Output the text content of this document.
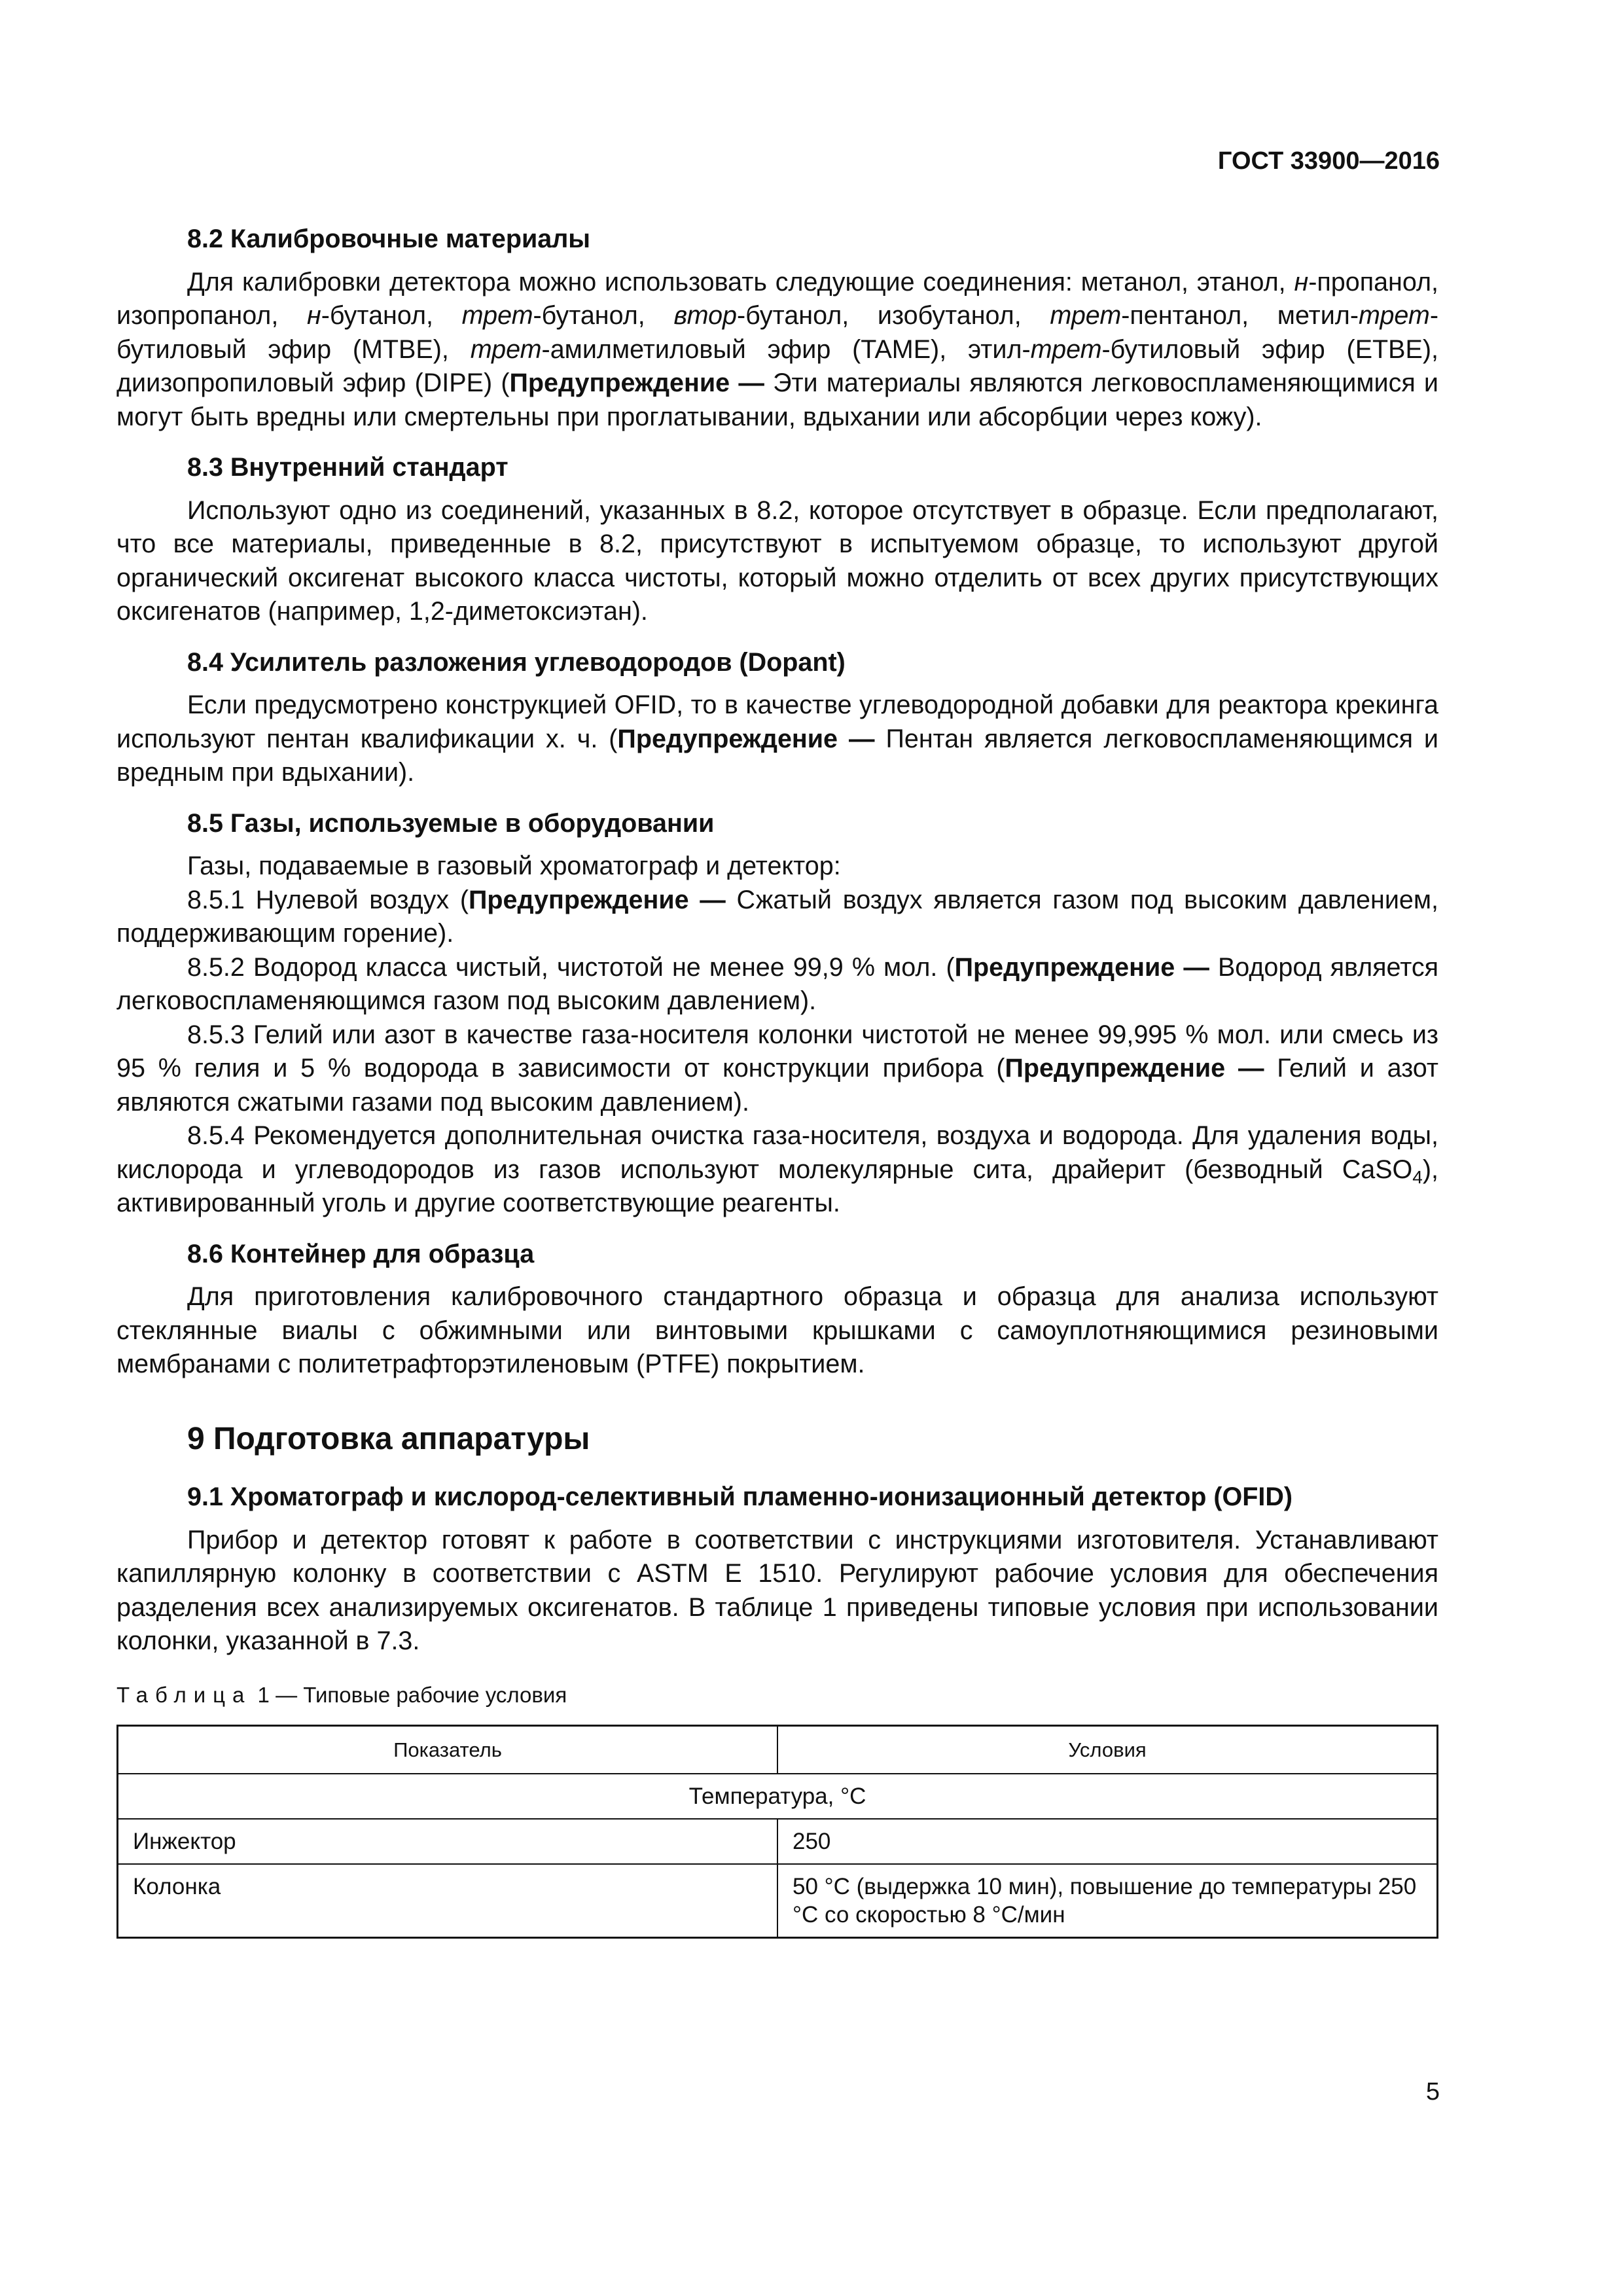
ГОСТ 33900—2016
8.2 Калибровочные материалы

Для калибровки детектора можно использовать следующие соединения: метанол, этанол, н-пропанол, изопропанол, н-бутанол, трет-бутанол, втор-бутанол, изобутанол, трет-пентанол, метил-трет-бутиловый эфир (MTBE), трет-амилметиловый эфир (TAME), этил-трет-бутиловый эфир (ETBE), диизопропиловый эфир (DIPE) (Предупреждение — Эти материалы являются легковоспламеняющимися и могут быть вредны или смертельны при проглатывании, вдыхании или абсорбции через кожу).

8.3 Внутренний стандарт

Используют одно из соединений, указанных в 8.2, которое отсутствует в образце. Если предполагают, что все материалы, приведенные в 8.2, присутствуют в испытуемом образце, то используют другой органический оксигенат высокого класса чистоты, который можно отделить от всех других присутствующих оксигенатов (например, 1,2-диметоксиэтан).

8.4 Усилитель разложения углеводородов (Dopant)

Если предусмотрено конструкцией OFID, то в качестве углеводородной добавки для реактора крекинга используют пентан квалификации х. ч. (Предупреждение — Пентан является легковоспламеняющимся и вредным при вдыхании).

8.5 Газы, используемые в оборудовании

Газы, подаваемые в газовый хроматограф и детектор:

8.5.1 Нулевой воздух (Предупреждение — Сжатый воздух является газом под высоким давлением, поддерживающим горение).

8.5.2 Водород класса чистый, чистотой не менее 99,9 % мол. (Предупреждение — Водород является легковоспламеняющимся газом под высоким давлением).

8.5.3 Гелий или азот в качестве газа-носителя колонки чистотой не менее 99,995 % мол. или смесь из 95 % гелия и 5 % водорода в зависимости от конструкции прибора (Предупреждение — Гелий и азот являются сжатыми газами под высоким давлением).

8.5.4 Рекомендуется дополнительная очистка газа-носителя, воздуха и водорода. Для удаления воды, кислорода и углеводородов из газов используют молекулярные сита, драйерит (безводный CaSO$_4$), активированный уголь и другие соответствующие реагенты.

8.6 Контейнер для образца

Для приготовления калибровочного стандартного образца и образца для анализа используют стеклянные виалы с обжимными или винтовыми крышками с самоуплотняющимися резиновыми мембранами с политетрафторэтиленовым (PTFE) покрытием.

9 Подготовка аппаратуры
9.1 Хроматограф и кислород-селективный пламенно-ионизационный детектор (OFID)

Прибор и детектор готовят к работе в соответствии с инструкциями изготовителя. Устанавливают капиллярную колонку в соответствии с ASTM E 1510. Регулируют рабочие условия для обеспечения разделения всех анализируемых оксигенатов. В таблице 1 приведены типовые условия при использовании колонки, указанной в 7.3.

Таблица 1 — Типовые рабочие условия
Показатель	Условия
Температура, °С	
Инжектор	250
Колонка	50 °С (выдержка 10 мин), повышение до температуры 250 °С со скоростью 8 °С/мин
5
